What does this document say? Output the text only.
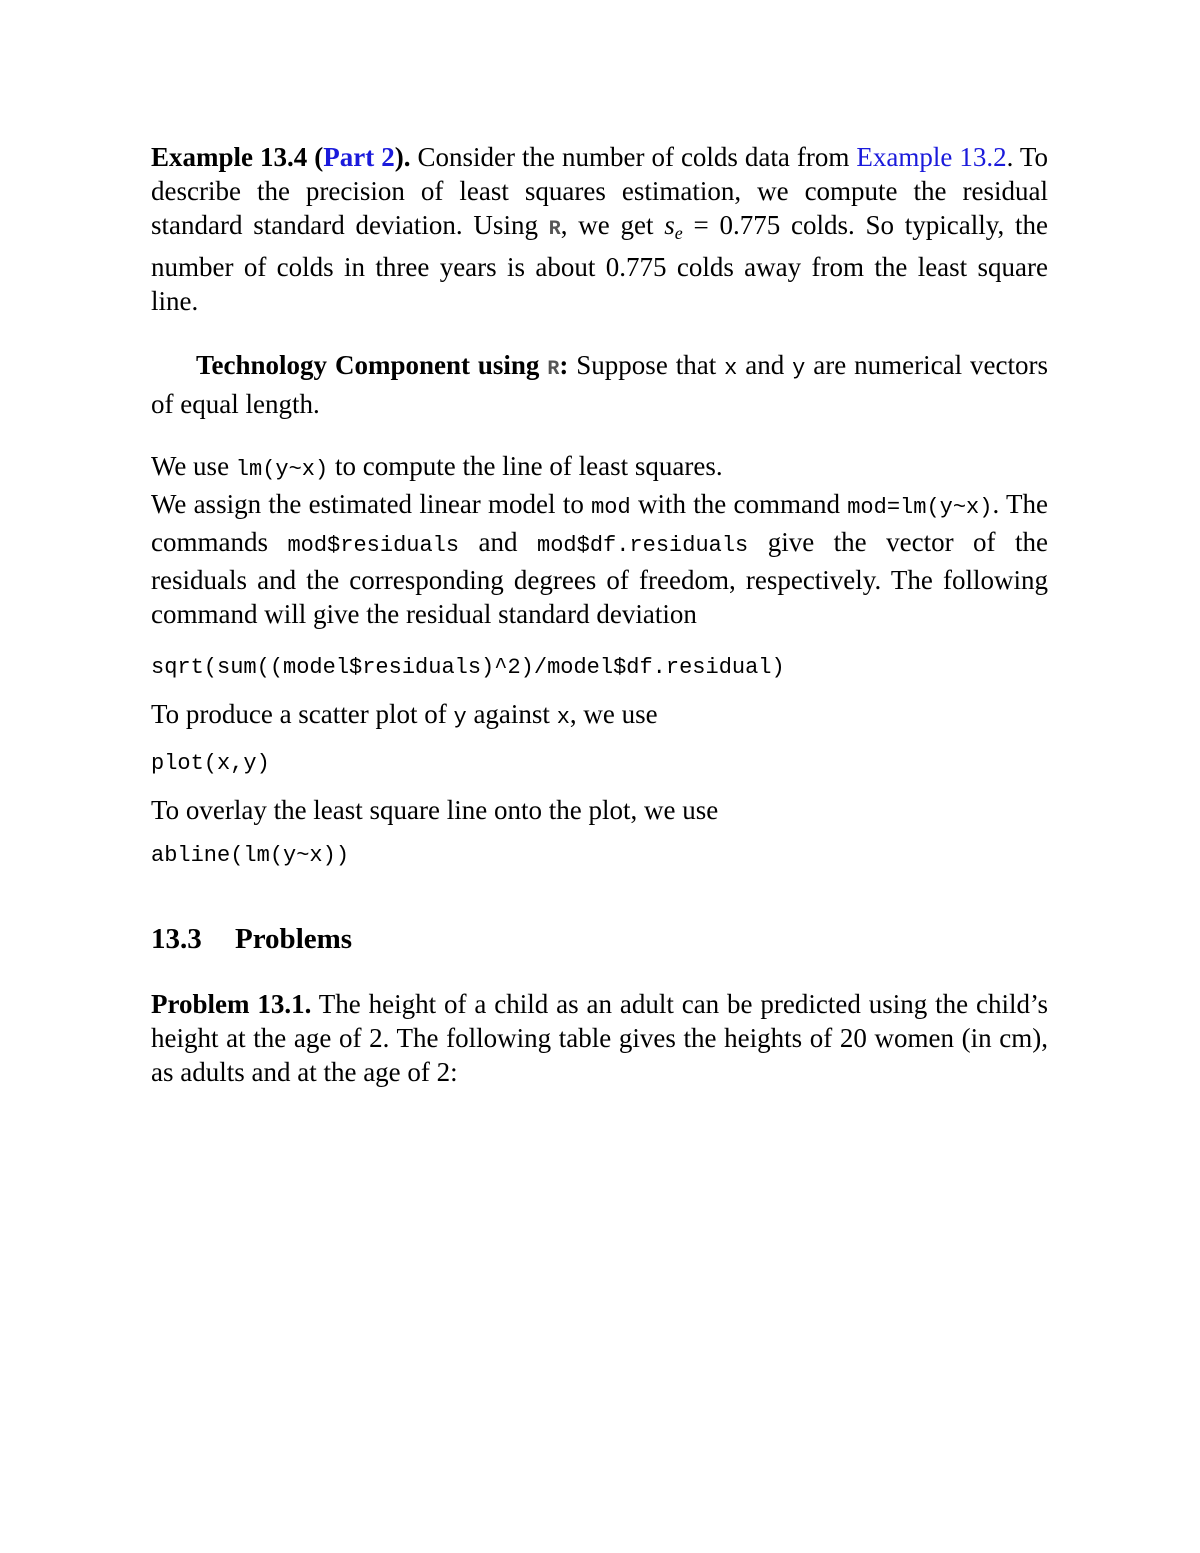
Example 13.4 (Part 2). Consider the number of colds data from Example 13.2. To describe the precision of least squares estimation, we compute the residual standard standard deviation. Using R, we get se = 0.775 colds. So typically, the number of colds in three years is about 0.775 colds away from the least square line.

Technology Component using R: Suppose that x and y are numerical vectors of equal length.

We use lm(y~x) to compute the line of least squares.

We assign the estimated linear model to mod with the command mod=lm(y~x). The commands mod$residuals and mod$df.residuals give the vector of the residuals and the corresponding degrees of freedom, respectively. The following command will give the residual standard deviation

sqrt(sum((model$residuals)^2)/model$df.residual)

To produce a scatter plot of y against x, we use

plot(x,y)

To overlay the least square line onto the plot, we use

abline(lm(y~x))
13.3 Problems

Problem 13.1. The height of a child as an adult can be predicted using the child’s height at the age of 2. The following table gives the heights of 20 women (in cm), as adults and at the age of 2:
